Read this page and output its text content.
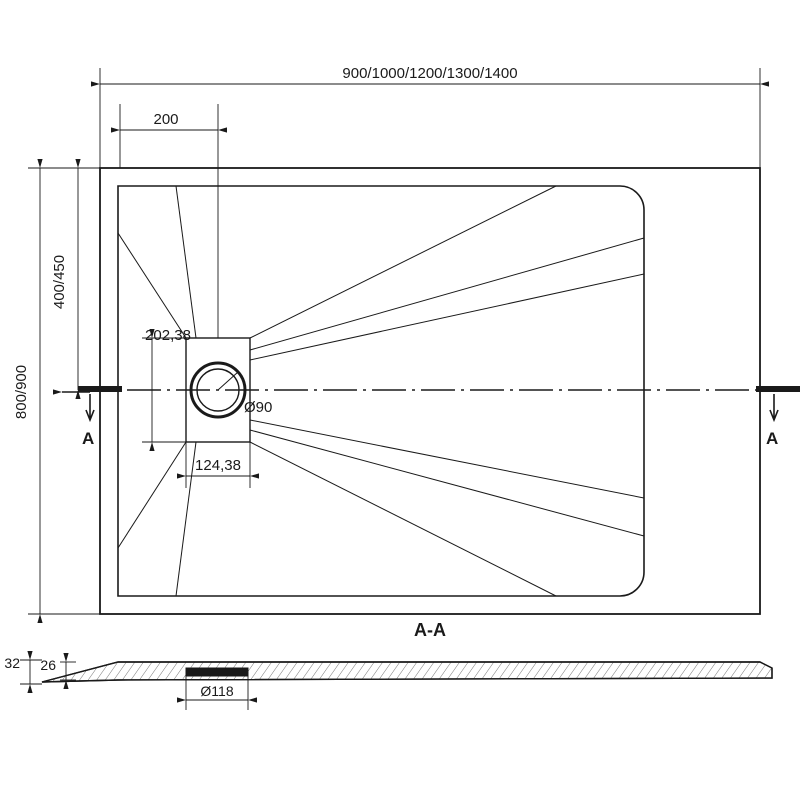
A	A
900/1000/1200/1300/1400
200
400/450
800/900
202,38
124,38
Ø90
A-A
32 26
Ø118
